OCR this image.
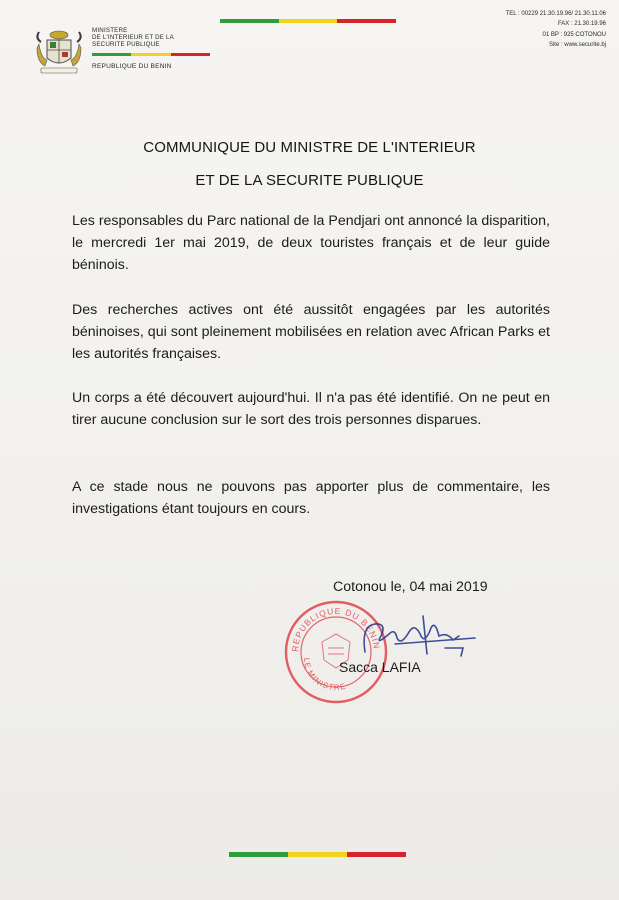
MINISTERE
DE L'INTERIEUR ET DE LA
SECURITE PUBLIQUE
REPUBLIQUE DU BENIN
TEL : 00229 21.30.19.96/ 21.30.11.06
FAX : 21.30.19.96
01 BP : 925 COTONOU
Site : www.securite.bj
COMMUNIQUE DU MINISTRE DE L'INTERIEUR
ET DE LA SECURITE PUBLIQUE
Les responsables du Parc national de la Pendjari ont annoncé la disparition, le mercredi 1er mai 2019, de deux touristes français et de leur guide béninois.
Des recherches actives ont été aussitôt engagées par les autorités béninoises, qui sont pleinement mobilisées en relation avec African Parks et les autorités françaises.
Un corps a été découvert aujourd'hui. Il n'a pas été identifié. On ne peut en tirer aucune conclusion sur le sort des trois personnes disparues.
A ce stade nous ne pouvons pas apporter plus de commentaire, les investigations étant toujours en cours.
Cotonou le, 04 mai 2019
REPUBLIQUE DU BENIN
LE MINISTRE
Sacca LAFIA
